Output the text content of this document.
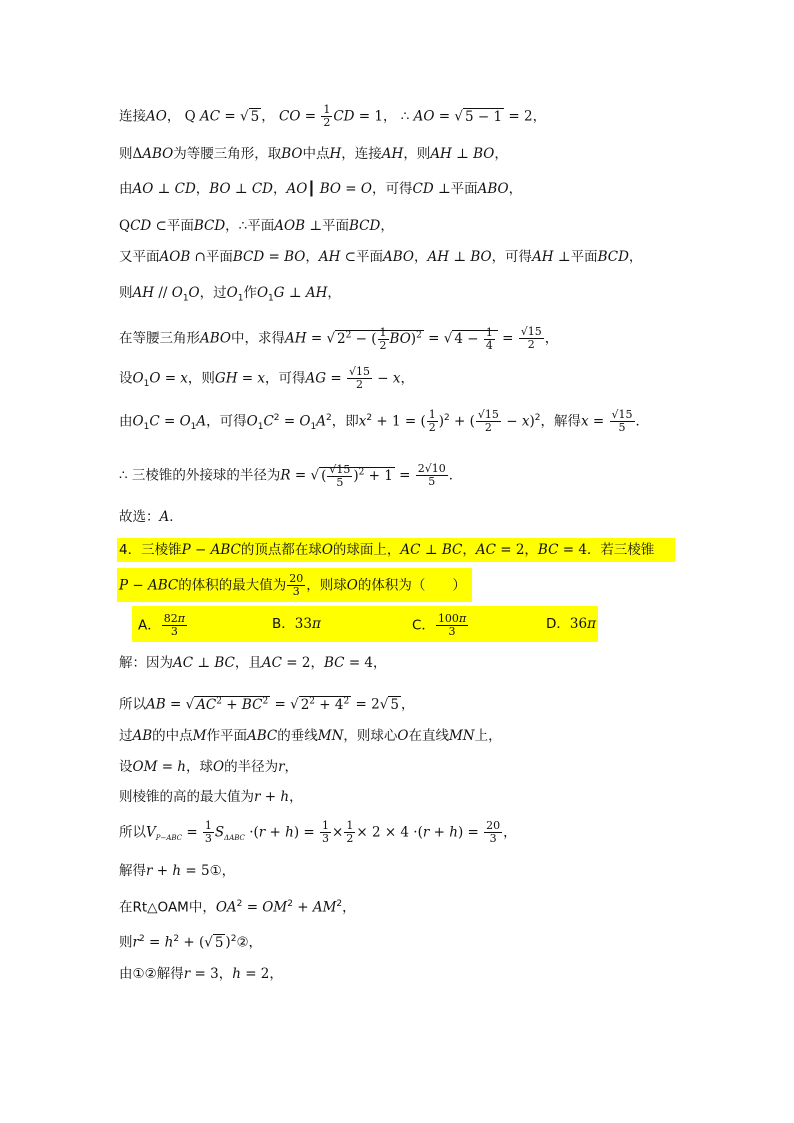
连接AO， Q AC = √ 5 ， CO = $\frac{1}{2}$ CD = 1， ∴ AO = √ 5 − 1 = 2，
则ΔABO为等腰三角形，取BO中点H，连接AH，则AH ⊥ BO，
由AO ⊥ CD，BO ⊥ CD，AO┃ BO = O，可得CD ⊥平面ABO，
QCD ⊂平面BCD，∴平面AOB ⊥平面BCD，
又平面AOB ∩平面BCD = BO，AH ⊂平面ABO，AH ⊥ BO，可得AH ⊥平面BCD，
则AH // $O_1O$，过$O_1$作$O_1G$ ⊥ AH，
在等腰三角形ABO中，求得AH = √ $2^2$ − ( $\frac{1}{2} BO)^2$ = √ $4 - \frac{1}{4} = \frac{√15}{2}$ ，
设$O_1O = x$，则GH = x，可得AG = $\frac{√15}{2} - x$，
由$O_1C = O_1A$，可得$O_1C^2 = O_1A^2$，即$x^2 + 1$ = ( $\frac{1}{2} )^2$ + ( $\frac{√15}{2} - x)^2$，解得$x = \frac{√15}{5}$ ．
∴ 三棱锥的外接球的半径为R = √ ( $\frac{√15}{5} )^2 + 1 = \frac{2√10}{5}$ ．
故选：A．
4．三棱锥P − ABC的顶点都在球O的球面上，AC ⊥ BC，AC = 2，BC = 4．若三棱锥
P − ABC的体积的最大值为 $\frac{20}{3}$ ，则球O的体积为（　　）
A． $\frac{82\pi}{3}$	B．33π	C． $\frac{100\pi}{3}$	D．36π
解：因为AC ⊥ BC，且AC = 2，BC = 4，
所以AB = √ $AC^2 + BC^2$ = √ $2^2 + 4^2 = 2√$ 5 ，
过AB的中点M作平面ABC的垂线MN，则球心O在直线MN上，
设OM = h，球O的半径为r，
则棱锥的高的最大值为r + h，
所以$V_{P-ABC} = \frac{1}{3} S_{\Delta ABC} \cdot(r + h) = \frac{1}{3} \times \frac{1}{2} \times 2 \times 4 \cdot(r + h) = \frac{20}{3}$ ，
解得r + h = 5①，
在Rt△OAM中，$OA^2 = OM^2 + AM^2$，
则$r^2 = h^2$ + (√ 5 )$^2$②，
由①②解得r = 3，h = 2，
